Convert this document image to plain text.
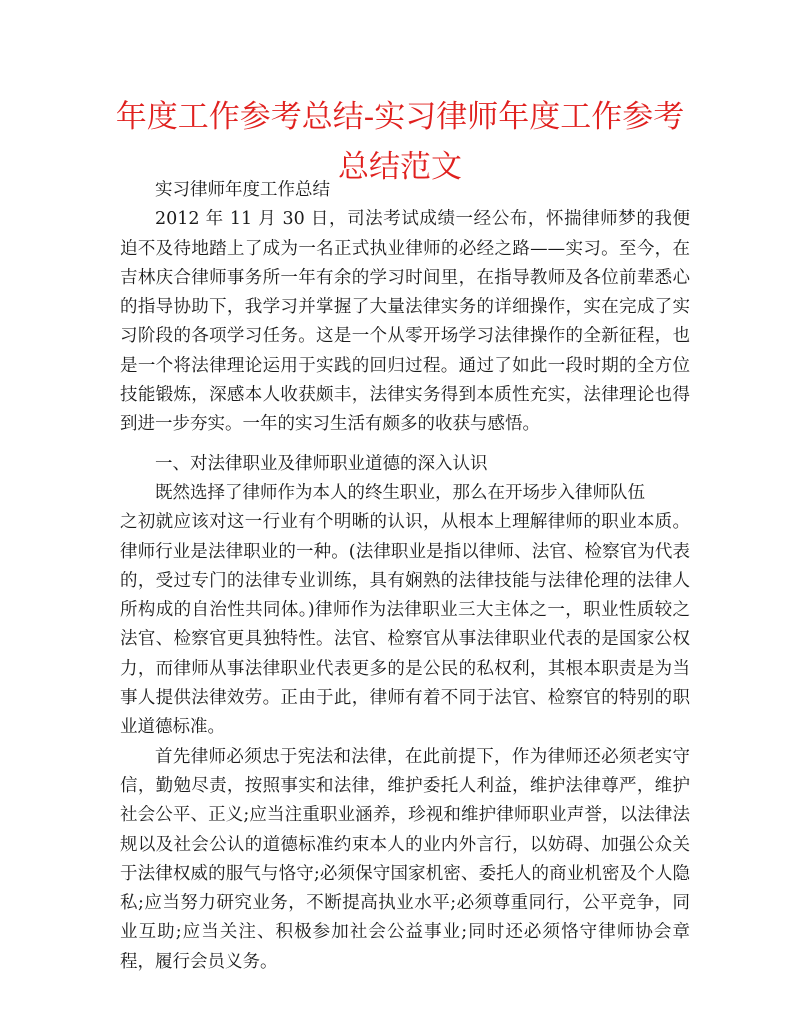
年度工作参考总结-实习律师年度工作参考总结范文

实习律师年度工作总结

2012 年 11 月 30 日，司法考试成绩一经公布，怀揣律师梦的我便迫不及待地踏上了成为一名正式执业律师的必经之路——实习。至今，在吉林庆合律师事务所一年有余的学习时间里，在指导教师及各位前辈悉心的指导协助下，我学习并掌握了大量法律实务的详细操作，实在完成了实习阶段的各项学习任务。这是一个从零开场学习法律操作的全新征程，也是一个将法律理论运用于实践的回归过程。通过了如此一段时期的全方位技能锻炼，深感本人收获颇丰，法律实务得到本质性充实，法律理论也得到进一步夯实。一年的实习生活有颇多的收获与感悟。

一、对法律职业及律师职业道德的深入认识

既然选择了律师作为本人的终生职业，那么在开场步入律师队伍

之初就应该对这一行业有个明晰的认识，从根本上理解律师的职业本质。律师行业是法律职业的一种。(法律职业是指以律师、法官、检察官为代表的，受过专门的法律专业训练，具有娴熟的法律技能与法律伦理的法律人所构成的自治性共同体。)律师作为法律职业三大主体之一，职业性质较之法官、检察官更具独特性。法官、检察官从事法律职业代表的是国家公权力，而律师从事法律职业代表更多的是公民的私权利，其根本职责是为当事人提供法律效劳。正由于此，律师有着不同于法官、检察官的特别的职业道德标准。

首先律师必须忠于宪法和法律，在此前提下，作为律师还必须老实守信，勤勉尽责，按照事实和法律，维护委托人利益，维护法律尊严，维护社会公平、正义;应当注重职业涵养，珍视和维护律师职业声誉，以法律法规以及社会公认的道德标准约束本人的业内外言行，以妨碍、加强公众关于法律权威的服气与恪守;必须保守国家机密、委托人的商业机密及个人隐私;应当努力研究业务，不断提高执业水平;必须尊重同行，公平竞争，同业互助;应当关注、积极参加社会公益事业;同时还必须恪守律师协会章程，履行会员义务。
